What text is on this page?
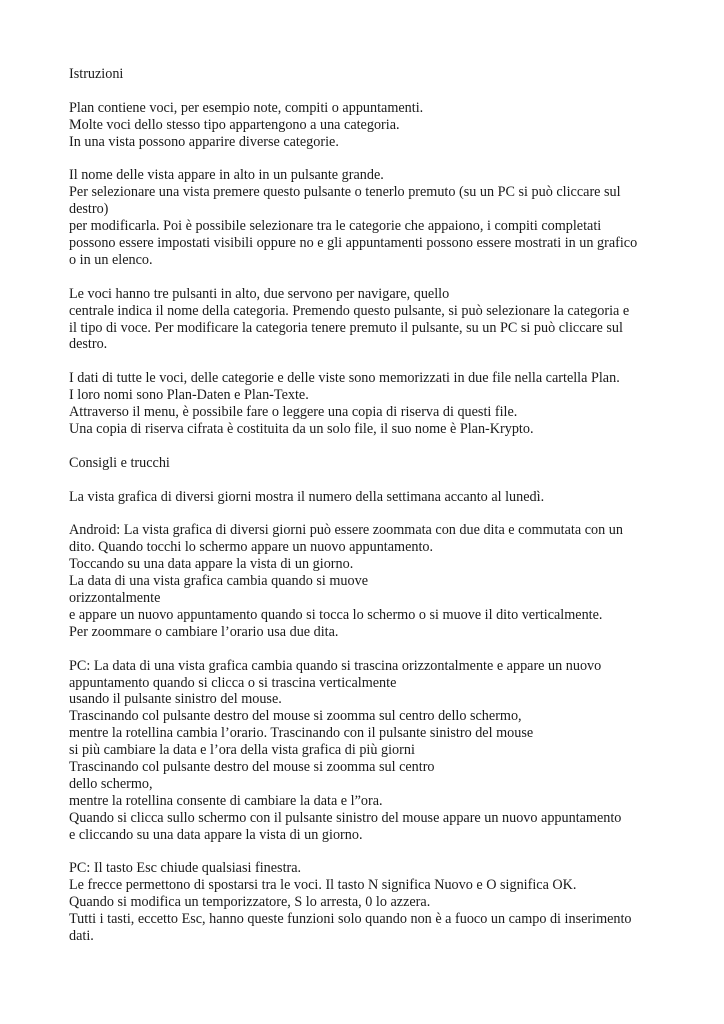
Istruzioni
Plan contiene voci, per esempio note, compiti o appuntamenti.
Molte voci dello stesso tipo appartengono a una categoria.
In una vista possono apparire diverse categorie.
Il nome delle vista appare in alto in un pulsante grande.
Per selezionare una vista premere questo pulsante o tenerlo premuto (su un PC si può cliccare sul
destro)
per modificarla. Poi è possibile selezionare tra le categorie che appaiono, i compiti completati
possono essere impostati visibili oppure no e gli appuntamenti possono essere mostrati in un grafico
o in un elenco.
Le voci hanno tre pulsanti in alto, due servono per navigare, quello
centrale indica il nome della categoria. Premendo questo pulsante, si può selezionare la categoria e
il tipo di voce. Per modificare la categoria tenere premuto il pulsante, su un PC si può cliccare sul
destro.
I dati di tutte le voci, delle categorie e delle viste sono memorizzati in due file nella cartella Plan.
I loro nomi sono Plan-Daten e Plan-Texte.
Attraverso il menu, è possibile fare o leggere una copia di riserva di questi file.
Una copia di riserva cifrata è costituita da un solo file, il suo nome è Plan-Krypto.
Consigli e trucchi
La vista grafica di diversi giorni mostra il numero della settimana accanto al lunedì.
Android: La vista grafica di diversi giorni può essere zoommata con due dita e commutata con un
dito. Quando tocchi lo schermo appare un nuovo appuntamento.
Toccando su una data appare la vista di un giorno.
La data di una vista grafica cambia quando si muove
orizzontalmente
e appare un nuovo appuntamento quando si tocca lo schermo o si muove il dito verticalmente.
Per zoommare o cambiare l’orario usa due dita.
PC: La data di una vista grafica cambia quando si trascina orizzontalmente e appare un nuovo
appuntamento quando si clicca o si trascina verticalmente
usando il pulsante sinistro del mouse.
Trascinando col pulsante destro del mouse si zoomma sul centro dello schermo,
mentre la rotellina cambia l’orario. Trascinando con il pulsante sinistro del mouse
si più cambiare la data e l’ora della vista grafica di più giorni
Trascinando col pulsante destro del mouse si zoomma sul centro
dello schermo,
mentre la rotellina consente di cambiare la data e l”ora.
Quando si clicca sullo schermo con il pulsante sinistro del mouse appare un nuovo appuntamento
e cliccando su una data appare la vista di un giorno.
PC: Il tasto Esc chiude qualsiasi finestra.
Le frecce permettono di spostarsi tra le voci. Il tasto N significa Nuovo e O significa OK.
Quando si modifica un temporizzatore, S lo arresta, 0 lo azzera.
Tutti i tasti, eccetto Esc, hanno queste funzioni solo quando non è a fuoco un campo di inserimento
dati.
